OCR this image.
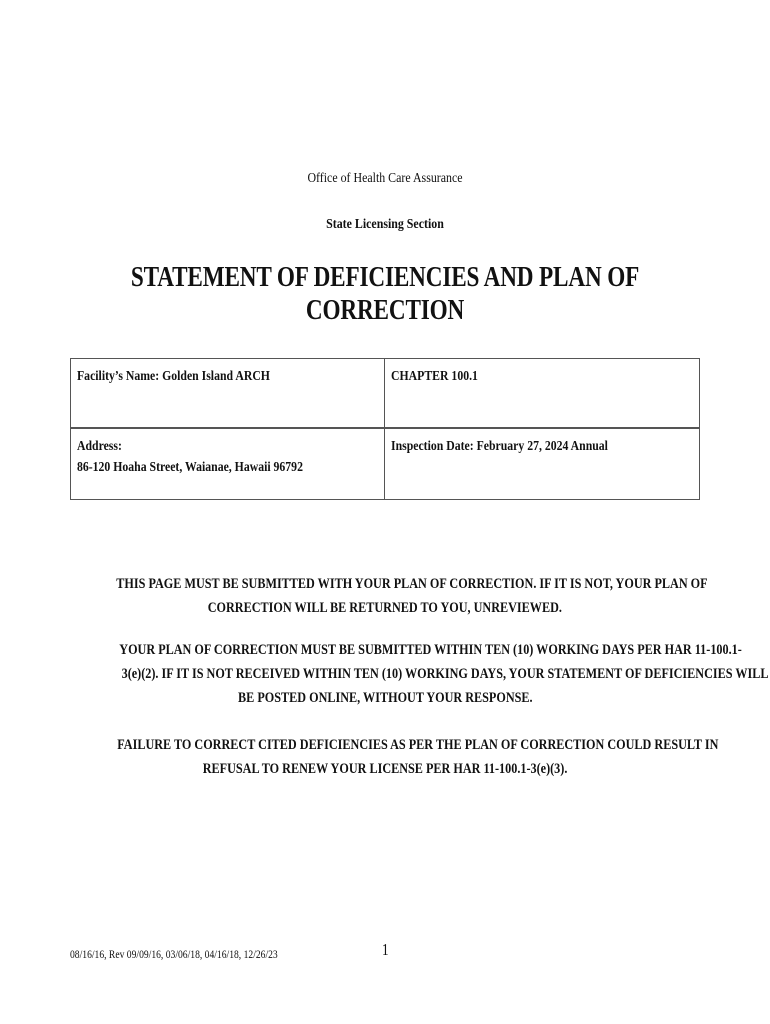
Office of Health Care Assurance
State Licensing Section
STATEMENT OF DEFICIENCIES AND PLAN OF CORRECTION
Facility’s Name: Golden Island ARCH	CHAPTER 100.1
Address:
86-120 Hoaha Street, Waianae, Hawaii 96792
Inspection Date: February 27, 2024 Annual
THIS PAGE MUST BE SUBMITTED WITH YOUR PLAN OF CORRECTION. IF IT IS NOT, YOUR PLAN OF
CORRECTION WILL BE RETURNED TO YOU, UNREVIEWED.
YOUR PLAN OF CORRECTION MUST BE SUBMITTED WITHIN TEN (10) WORKING DAYS PER HAR 11-100.1-
3(e)(2). IF IT IS NOT RECEIVED WITHIN TEN (10) WORKING DAYS, YOUR STATEMENT OF DEFICIENCIES WILL
BE POSTED ONLINE, WITHOUT YOUR RESPONSE.
FAILURE TO CORRECT CITED DEFICIENCIES AS PER THE PLAN OF CORRECTION COULD RESULT IN
REFUSAL TO RENEW YOUR LICENSE PER HAR 11-100.1-3(e)(3).
08/16/16, Rev 09/09/16, 03/06/18, 04/16/18, 12/26/23	1
